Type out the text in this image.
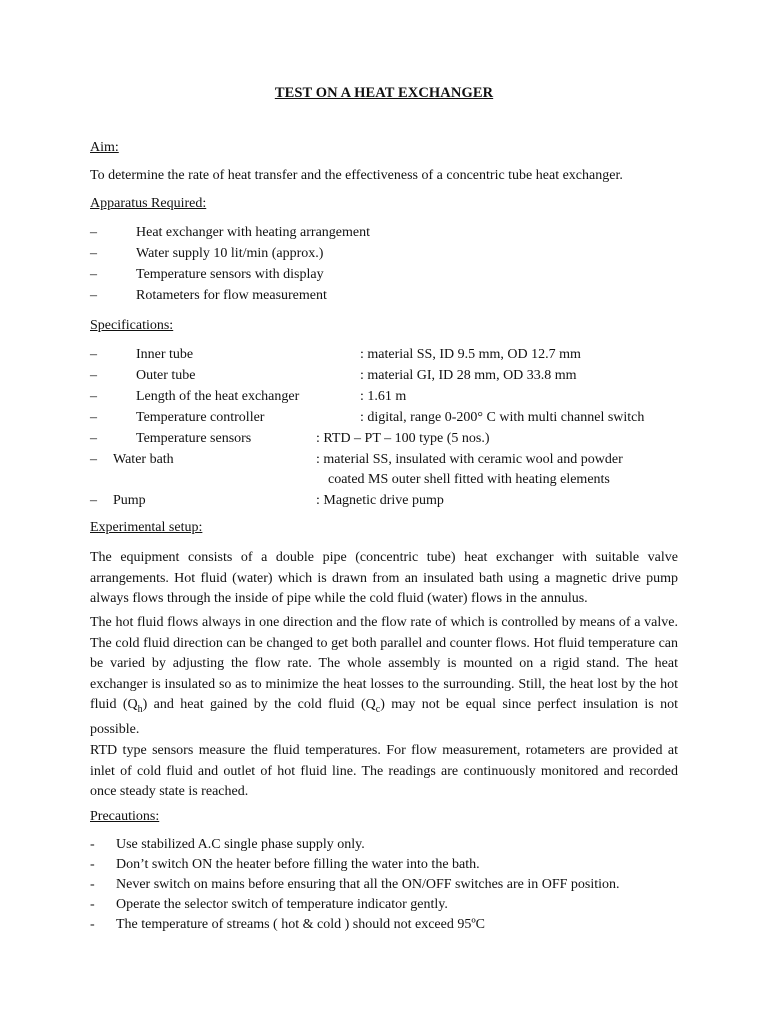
TEST ON A HEAT EXCHANGER
Aim:
To determine the rate of heat transfer and the effectiveness of a concentric tube heat exchanger.
Apparatus Required:
–	Heat exchanger with heating arrangement
–	Water supply 10 lit/min (approx.)
–	Temperature sensors with display
–	Rotameters for flow measurement
Specifications:
–	Inner tube	: material SS, ID 9.5 mm, OD 12.7 mm
–	Outer tube	: material GI, ID 28 mm, OD 33.8 mm
–	Length of the heat exchanger	: 1.61 m
–	Temperature controller	: digital, range 0-200° C with multi channel switch
–	Temperature sensors	: RTD – PT – 100 type (5 nos.)
– Water bath	: material SS, insulated with ceramic wool and powder
coated MS outer shell fitted with heating elements
– Pump	: Magnetic drive pump
Experimental setup:

The equipment consists of a double pipe (concentric tube) heat exchanger with suitable valve arrangements. Hot fluid (water) which is drawn from an insulated bath using a magnetic drive pump always flows through the inside of pipe while the cold fluid (water) flows in the annulus.

The hot fluid flows always in one direction and the flow rate of which is controlled by means of a valve. The cold fluid direction can be changed to get both parallel and counter flows. Hot fluid temperature can be varied by adjusting the flow rate. The whole assembly is mounted on a rigid stand. The heat exchanger is insulated so as to minimize the heat losses to the surrounding. Still, the heat lost by the hot fluid $(Q_h)$ and heat gained by the cold fluid $(Q_c)$ may not be equal since perfect insulation is not possible.

RTD type sensors measure the fluid temperatures. For flow measurement, rotameters are provided at inlet of cold fluid and outlet of hot fluid line. The readings are continuously monitored and recorded once steady state is reached.

Precautions:
- Use stabilized A.C single phase supply only.
- Don’t switch ON the heater before filling the water into the bath.
- Never switch on mains before ensuring that all the ON/OFF switches are in OFF position.
- Operate the selector switch of temperature indicator gently.
- The temperature of streams ( hot & cold ) should not exceed 95ºC
